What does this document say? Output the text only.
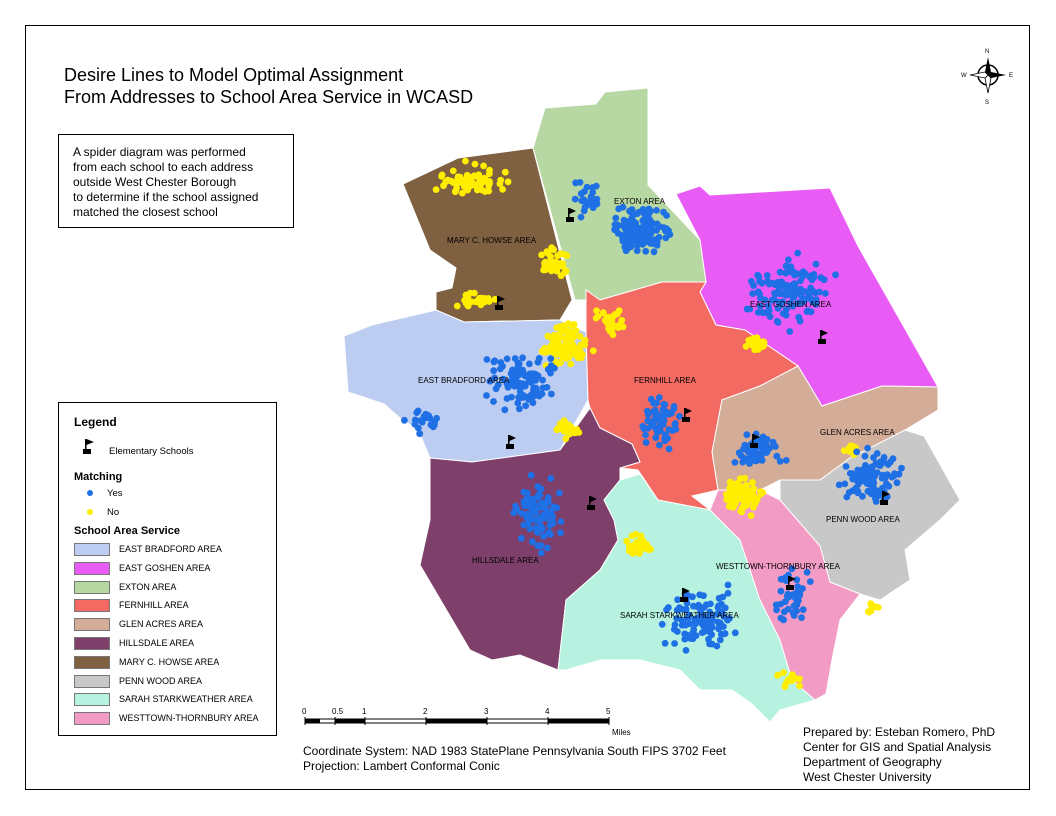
EXTON AREA
MARY C. HOWSE AREA
EAST GOSHEN AREA
EAST BRADFORD AREA	FERNHILL AREA
GLEN ACRES AREA
PENN WOOD AREA
HILLSDALE AREA
WESTTOWN-THORNBURY AREA
SARAH STARKWEATHER AREA
Desire Lines to Model Optimal Assignment
From Addresses to School Area Service in WCASD
A spider diagram was performed
from each school to each address
outside West Chester Borough
to determine if the school assigned
matched the closest school
N
S
W	E
Legend
Elementary Schools
Matching
Yes
No
School Area Service
EAST BRADFORD AREA
EAST GOSHEN AREA
EXTON AREA
FERNHILL AREA
GLEN ACRES AREA
HILLSDALE AREA
MARY C. HOWSE AREA
PENN WOOD AREA
SARAH STARKWEATHER AREA
WESTTOWN-THORNBURY AREA
0	0.5 1	2	3	4	5
Miles
Coordinate System: NAD 1983 StatePlane Pennsylvania South FIPS 3702 Feet
Projection: Lambert Conformal Conic
Prepared by: Esteban Romero, PhD
Center for GIS and Spatial Analysis
Department of Geography
West Chester University
